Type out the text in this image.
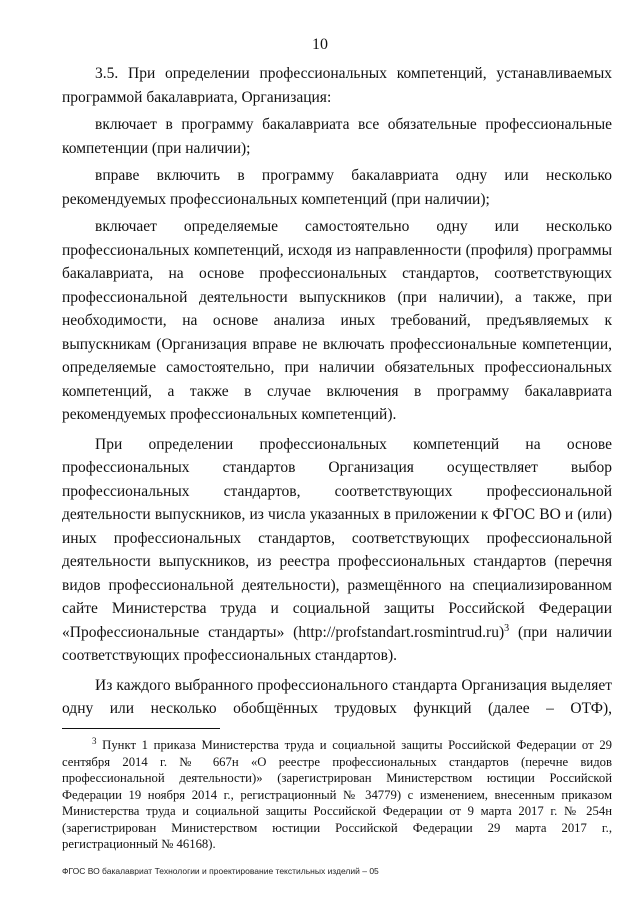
10

3.5. При определении профессиональных компетенций, устанавливаемых программой бакалавриата, Организация:

включает в программу бакалавриата все обязательные профессиональные компетенции (при наличии);

вправе включить в программу бакалавриата одну или несколько рекомендуемых профессиональных компетенций (при наличии);

включает определяемые самостоятельно одну или несколько профессиональных компетенций, исходя из направленности (профиля) программы бакалавриата, на основе профессиональных стандартов, соответствующих профессиональной деятельности выпускников (при наличии), а также, при необходимости, на основе анализа иных требований, предъявляемых к выпускникам (Организация вправе не включать профессиональные компетенции, определяемые самостоятельно, при наличии обязательных профессиональных компетенций, а также в случае включения в программу бакалавриата рекомендуемых профессиональных компетенций).

При определении профессиональных компетенций на основе профессиональных стандартов Организация осуществляет выбор профессиональных стандартов, соответствующих профессиональной деятельности выпускников, из числа указанных в приложении к ФГОС ВО и (или) иных профессиональных стандартов, соответствующих профессиональной деятельности выпускников, из реестра профессиональных стандартов (перечня видов профессиональной деятельности), размещённого на специализированном сайте Министерства труда и социальной защиты Российской Федерации «Профессиональные стандарты» (http://profstandart.rosmintrud.ru)$^3$ (при наличии соответствующих профессиональных стандартов).

Из каждого выбранного профессионального стандарта Организация выделяет одну или несколько обобщённых трудовых функций (далее – ОТФ),

$^3$ Пункт 1 приказа Министерства труда и социальной защиты Российской Федерации от 29 сентября 2014 г. № 667н «О реестре профессиональных стандартов (перечне видов профессиональной деятельности)» (зарегистрирован Министерством юстиции Российской Федерации 19 ноября 2014 г., регистрационный № 34779) с изменением, внесенным приказом Министерства труда и социальной защиты Российской Федерации от 9 марта 2017 г. № 254н (зарегистрирован Министерством юстиции Российской Федерации 29 марта 2017 г., регистрационный № 46168).

ФГОС ВО бакалавриат Технологии и проектирование текстильных изделий – 05
